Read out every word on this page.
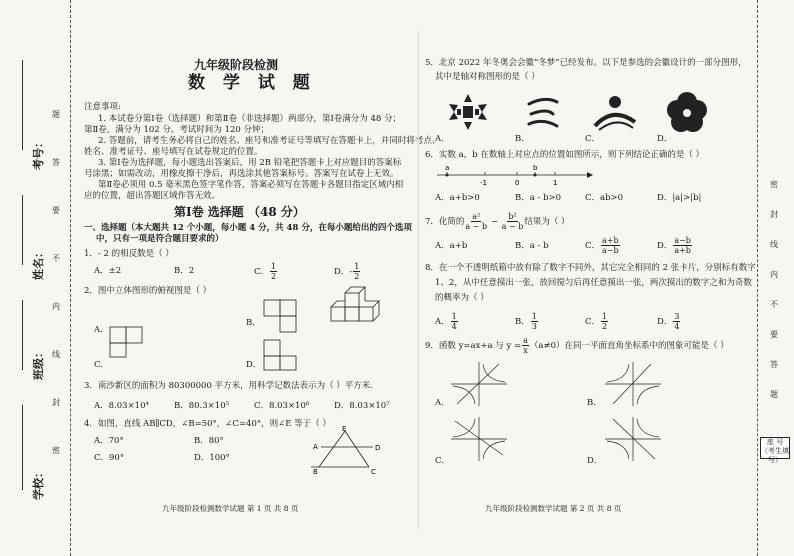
考号：
姓名：
班级：
学校：
题
答
要
不
内
线
封
密
密
封
线
内
不
要
答
题
座 号
（考生填写）
九年级阶段检测
数 学 试 题
注意事项:
1. 本试卷分第Ⅰ卷（选择题）和第Ⅱ卷（非选择题）两部分，第Ⅰ卷满分为 48 分；
第Ⅱ卷，满分为 102 分。考试时间为 120 分钟；
2. 答题前，请考生务必将自己的姓名、座号和准考证号等填写在答题卡上，并同时将考点、
姓名、准考证号、座号填写在试卷规定的位置。
3. 第Ⅰ卷为选择题，每小题选出答案后，用 2B 铅笔把答题卡上对应题目的答案标
号涂黑；如需改动，用橡皮擦干净后，再选涂其他答案标号。答案写在试卷上无效。
第Ⅱ卷必须用 0.5 毫米黑色签字笔作答，答案必须写在答题卡各题目指定区域内相
应的位置，超出答题区域作答无效。
第Ⅰ卷 选择题 （48 分）
一、选择题（本大题共 12 个小题，每小题 4 分，共 48 分，在每小题给出的四个选项
中，只有一项是符合题目要求的）
1．- 2 的相反数是（ ）
A．±2	B．2	C． $\frac{1}{2}$	D．- $\frac{1}{2}$
2．图中立体图形的俯视图是（ ）
A．
B．
C．	D．
3．南沙新区的面积为 80300000 平方米，用科学记数法表示为（ ）平方米.
A．8.03×10⁴	B．80.3×10⁵	C．8.03×10⁶	D．8.03×10⁷
4．如图，直线 AB∥CD，∠B=50°，∠C=40°，则∠E 等于（ ）
A．70°	B．80°
C．90°	D．100°
E
A
B	C
D
九年级阶段检测数学试题 第 1 页 共 8 页
5．北京 2022 年冬奥会会徽“冬梦”已经发布。以下是参选的会徽设计的一部分图形，
其中是轴对称图形的是（ ）
A．	B．	C．	D．
6．实数 a，b 在数轴上对应点的位置如图所示，则下列结论正确的是（ ）
a
-1	0
b
1
A．a+b>0	B．a - b>0	C．ab>0	D．|a|>|b|
7．化简的 $\frac{\text{a²}}{a - b} - \frac{\text{b²}}{a - b}$ 结果为（ ）
A．a+b	B．a - b	C． $\frac{a+b}{a-b}$	D． $\frac{a-b}{a+b}$
8．在一个不透明纸箱中放有除了数字不同外，其它完全相同的 2 张卡片，分别标有数字
1、2，从中任意摸出一张，放回搅匀后再任意摸出一张，两次摸出的数字之和为奇数
的概率为（ ）
A． $\frac{1}{4}$	B． $\frac{1}{3}$	C． $\frac{1}{2}$	D． $\frac{3}{4}$
9．函数 y=ax+a 与 $y = \frac{a}{x} (a\ne 0)$在同一平面直角坐标系中的图象可能是（ ）
A．	B．
C．	D．
九年级阶段检测数学试题 第 2 页 共 8 页
